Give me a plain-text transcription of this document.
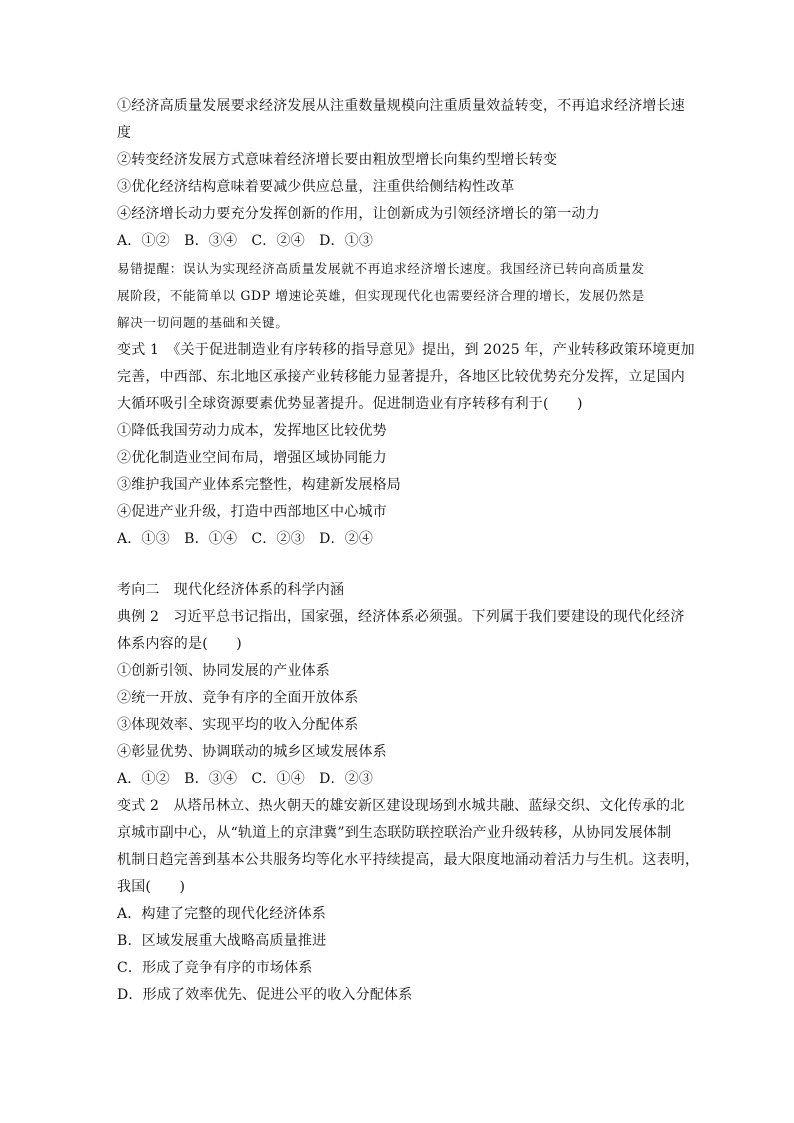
①经济高质量发展要求经济发展从注重数量规模向注重质量效益转变，不再追求经济增长速
度
②转变经济发展方式意味着经济增长要由粗放型增长向集约型增长转变
③优化经济结构意味着要减少供应总量，注重供给侧结构性改革
④经济增长动力要充分发挥创新的作用，让创新成为引领经济增长的第一动力
A．①②　B．③④　C．②④　D．①③
易错提醒：误认为实现经济高质量发展就不再追求经济增长速度。我国经济已转向高质量发
展阶段，不能简单以 GDP 增速论英雄，但实现现代化也需要经济合理的增长，发展仍然是
解决一切问题的基础和关键。
变式 1　《关于促进制造业有序转移的指导意见》提出，到 2025 年，产业转移政策环境更加
完善，中西部、东北地区承接产业转移能力显著提升，各地区比较优势充分发挥，立足国内
大循环吸引全球资源要素优势显著提升。促进制造业有序转移有利于(　　)
①降低我国劳动力成本，发挥地区比较优势
②优化制造业空间布局，增强区域协同能力
③维护我国产业体系完整性，构建新发展格局
④促进产业升级，打造中西部地区中心城市
A．①③　B．①④　C．②③　D．②④
考向二　现代化经济体系的科学内涵
典例 2　习近平总书记指出，国家强，经济体系必须强。下列属于我们要建设的现代化经济
体系内容的是(　　)
①创新引领、协同发展的产业体系
②统一开放、竞争有序的全面开放体系
③体现效率、实现平均的收入分配体系
④彰显优势、协调联动的城乡区域发展体系
A．①②　B．③④　C．①④　D．②③
变式 2　从塔吊林立、热火朝天的雄安新区建设现场到水城共融、蓝绿交织、文化传承的北
京城市副中心，从“轨道上的京津冀”到生态联防联控联治产业升级转移，从协同发展体制
机制日趋完善到基本公共服务均等化水平持续提高，最大限度地涌动着活力与生机。这表明，
我国(　　)
A．构建了完整的现代化经济体系
B．区域发展重大战略高质量推进
C．形成了竞争有序的市场体系
D．形成了效率优先、促进公平的收入分配体系
